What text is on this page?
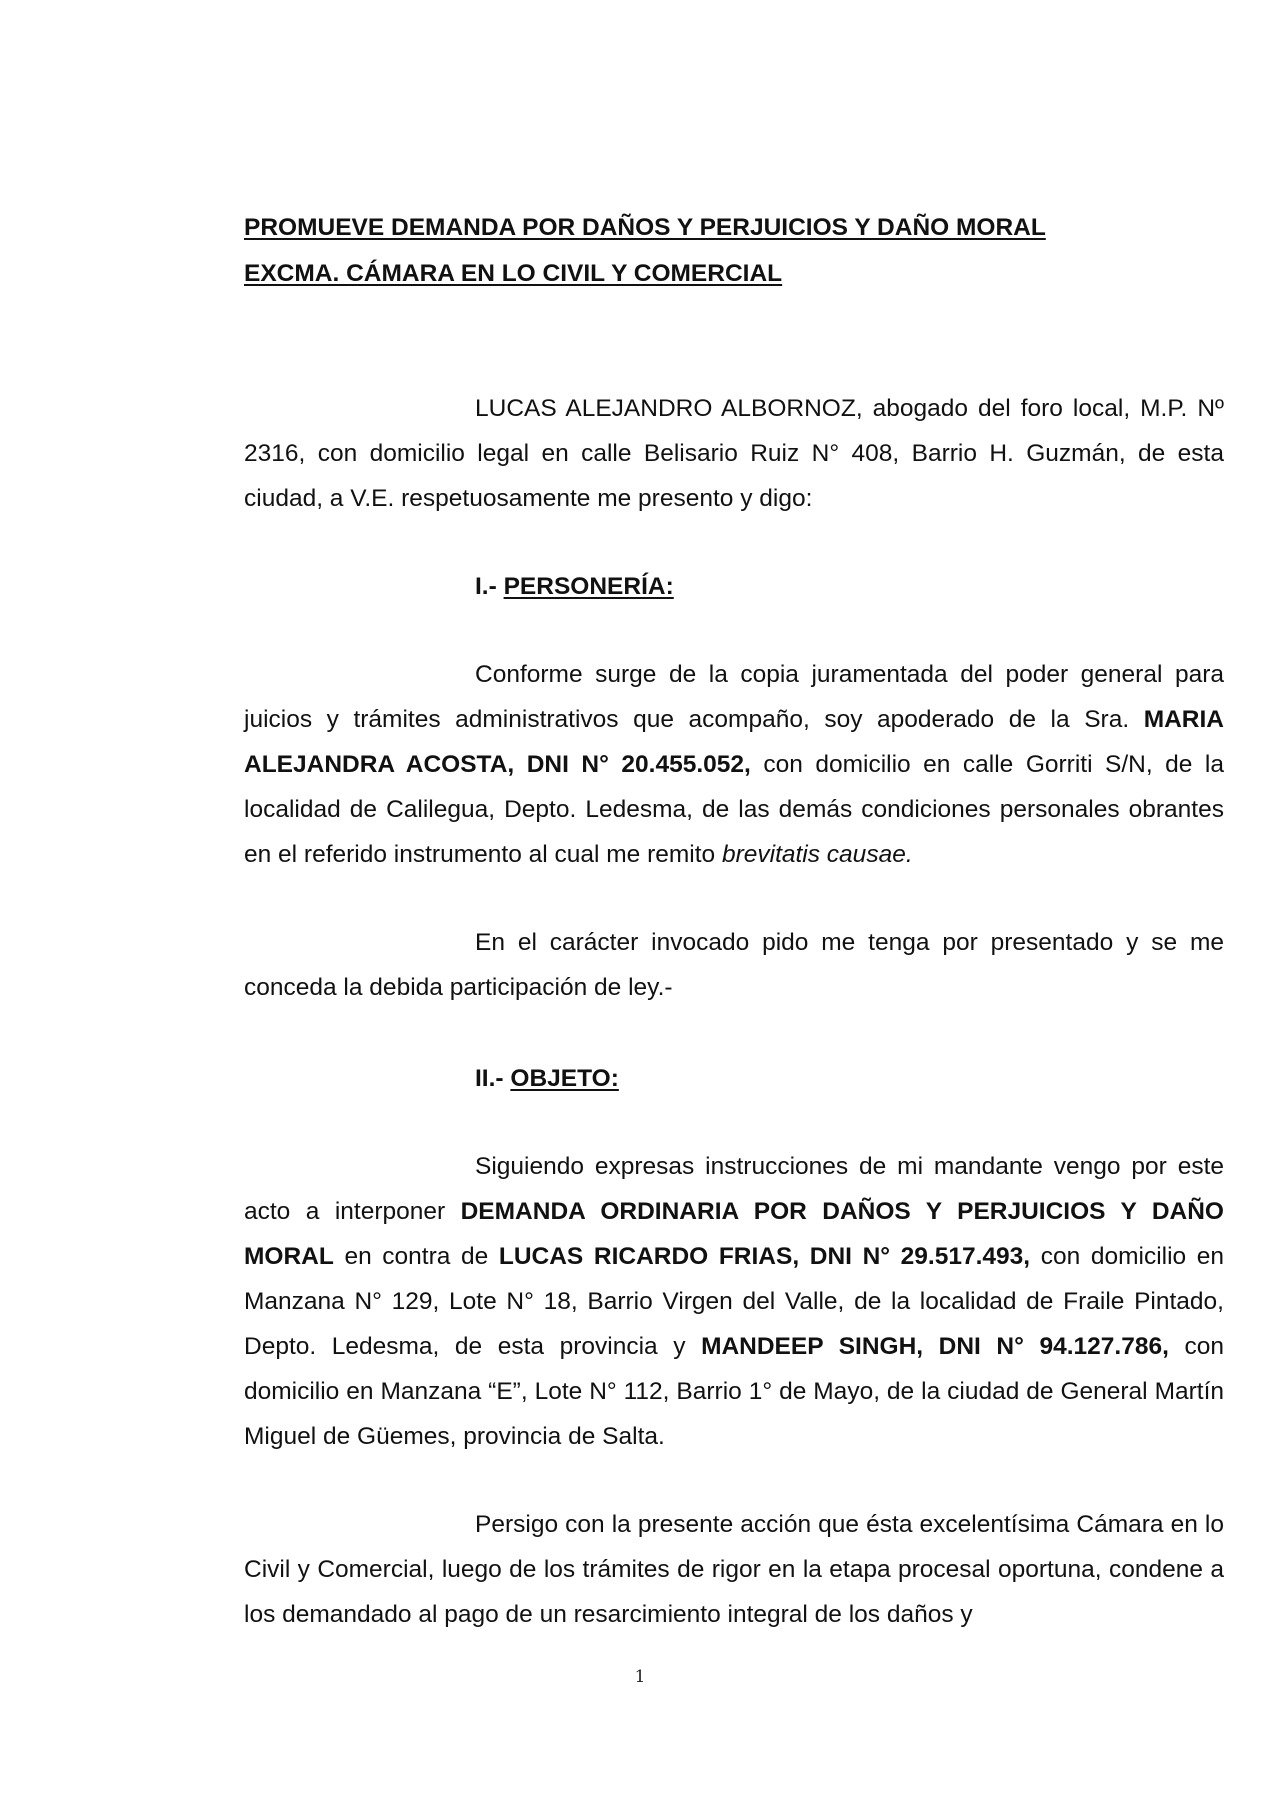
PROMUEVE DEMANDA POR DAÑOS Y PERJUICIOS Y DAÑO MORAL

EXCMA. CÁMARA EN LO CIVIL Y COMERCIAL

LUCAS ALEJANDRO ALBORNOZ, abogado del foro local, M.P. Nº 2316, con domicilio legal en calle Belisario Ruiz N° 408, Barrio H. Guzmán, de esta ciudad, a V.E. respetuosamente me presento y digo:

I.- PERSONERÍA:

Conforme surge de la copia juramentada del poder general para juicios y trámites administrativos que acompaño, soy apoderado de la Sra. MARIA ALEJANDRA ACOSTA, DNI N° 20.455.052, con domicilio en calle Gorriti S/N, de la localidad de Calilegua, Depto. Ledesma, de las demás condiciones personales obrantes en el referido instrumento al cual me remito brevitatis causae.

En el carácter invocado pido me tenga por presentado y se me conceda la debida participación de ley.-

II.- OBJETO:

Siguiendo expresas instrucciones de mi mandante vengo por este acto a interponer DEMANDA ORDINARIA POR DAÑOS Y PERJUICIOS Y DAÑO MORAL en contra de LUCAS RICARDO FRIAS, DNI N° 29.517.493, con domicilio en Manzana N° 129, Lote N° 18, Barrio Virgen del Valle, de la localidad de Fraile Pintado, Depto. Ledesma, de esta provincia y MANDEEP SINGH, DNI N° 94.127.786, con domicilio en Manzana “E”, Lote N° 112, Barrio 1° de Mayo, de la ciudad de General Martín Miguel de Güemes, provincia de Salta.

Persigo con la presente acción que ésta excelentísima Cámara en lo Civil y Comercial, luego de los trámites de rigor en la etapa procesal oportuna, condene a los demandado al pago de un resarcimiento integral de los daños y

1
